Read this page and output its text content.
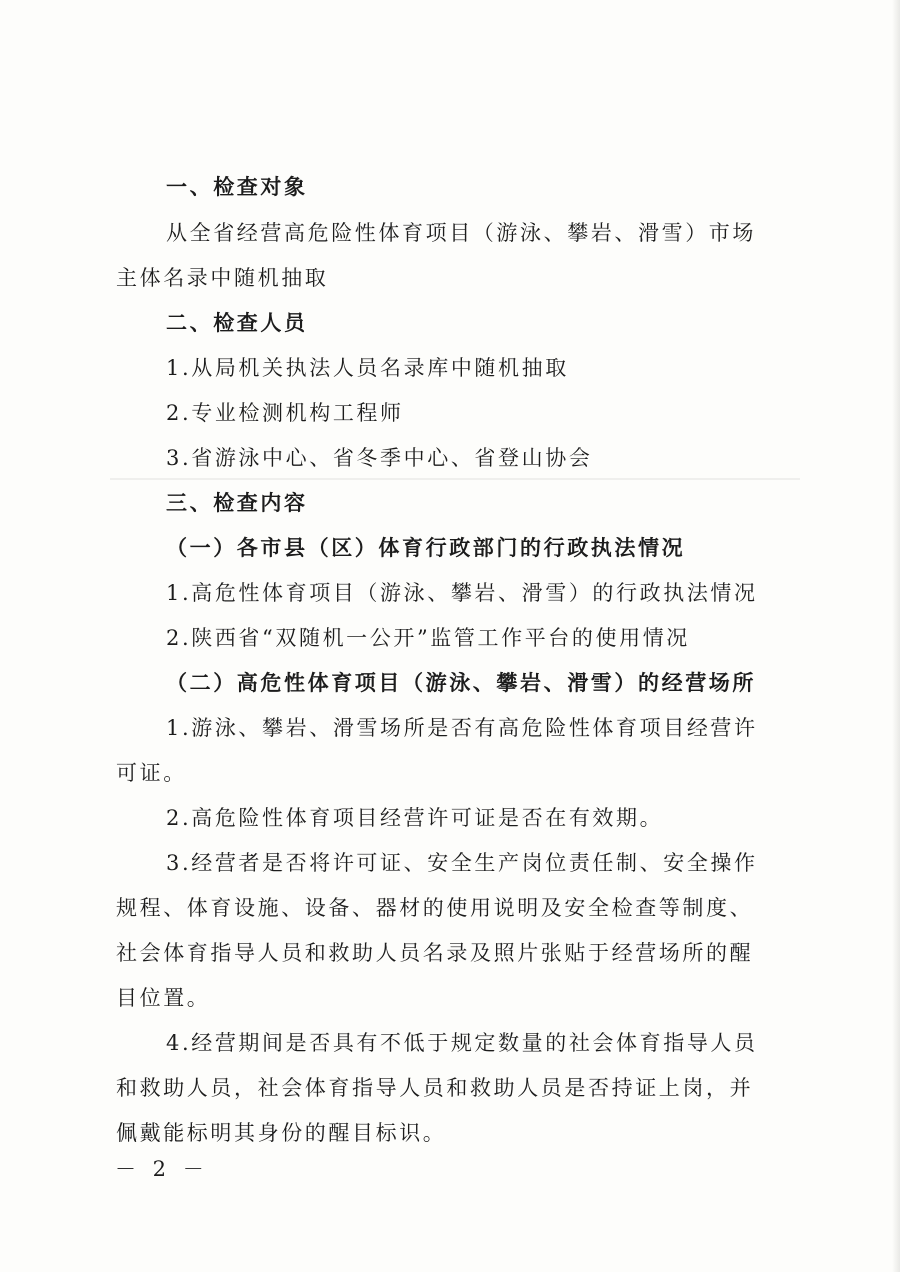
一、检查对象
从全省经营高危险性体育项目（游泳、攀岩、滑雪）市场
主体名录中随机抽取
二、检查人员
1.从局机关执法人员名录库中随机抽取
2.专业检测机构工程师
3.省游泳中心、省冬季中心、省登山协会
三、检查内容
（一）各市县（区）体育行政部门的行政执法情况
1.高危性体育项目（游泳、攀岩、滑雪）的行政执法情况
2.陕西省“双随机一公开”监管工作平台的使用情况
（二）高危性体育项目（游泳、攀岩、滑雪）的经营场所
1.游泳、攀岩、滑雪场所是否有高危险性体育项目经营许
可证。
2.高危险性体育项目经营许可证是否在有效期。
3.经营者是否将许可证、安全生产岗位责任制、安全操作
规程、体育设施、设备、器材的使用说明及安全检查等制度、
社会体育指导人员和救助人员名录及照片张贴于经营场所的醒
目位置。
4.经营期间是否具有不低于规定数量的社会体育指导人员
和救助人员，社会体育指导人员和救助人员是否持证上岗，并
佩戴能标明其身份的醒目标识。
－ 2 －
